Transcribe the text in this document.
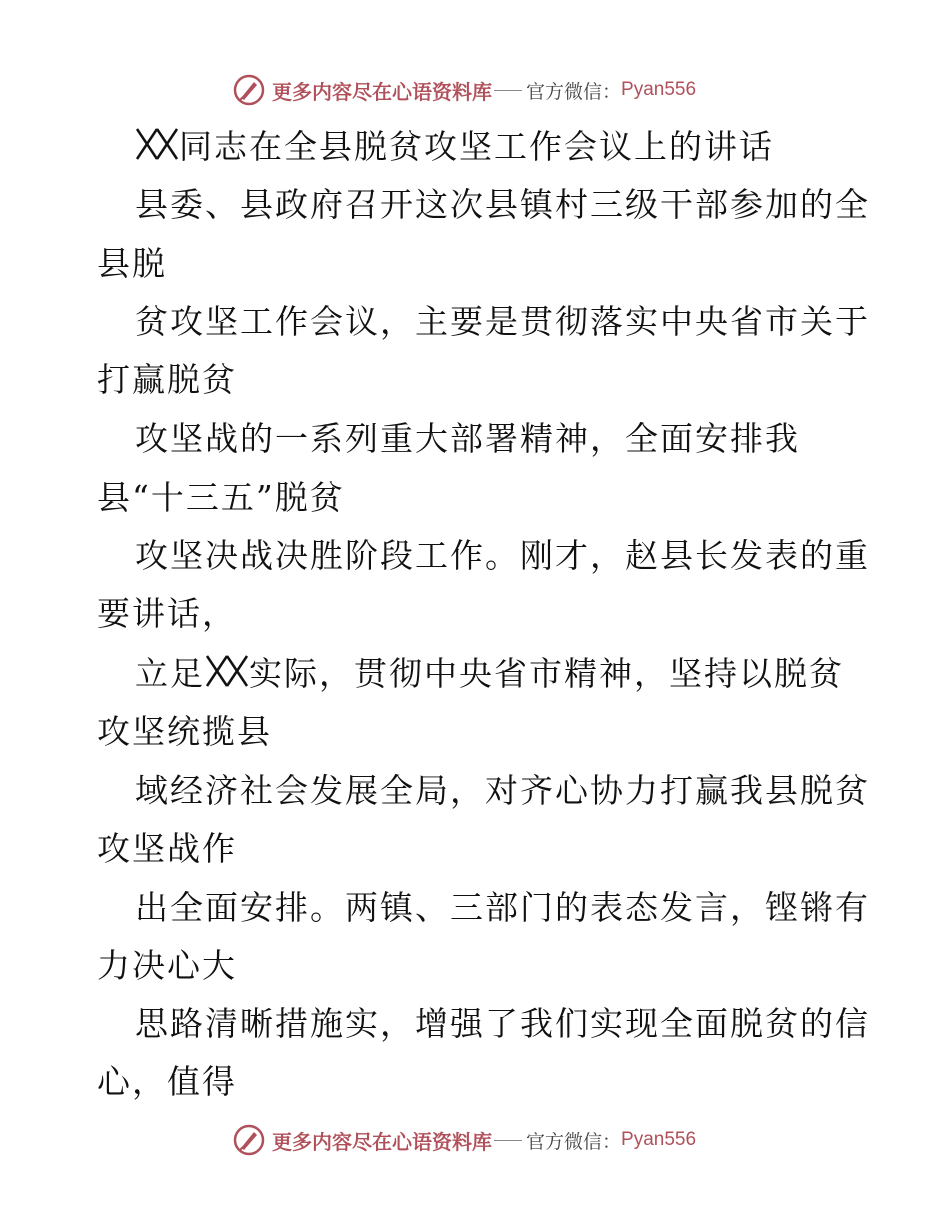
更多内容尽在心语资料库 官方微信： Pyan556
同志在全县脱贫攻坚工作会议上的讲话
县委、县政府召开这次县镇村三级干部参加的全
县脱
贫攻坚工作会议，主要是贯彻落实中央省市关于
打赢脱贫
攻坚战的一系列重大部署精神，全面安排我
县“十三五”脱贫
攻坚决战决胜阶段工作。刚才，赵县长发表的重
要讲话，
立足 实际，贯彻中央省市精神，坚持以脱贫
攻坚统揽县
域经济社会发展全局，对齐心协力打赢我县脱贫
攻坚战作
出全面安排。两镇、三部门的表态发言，铿锵有
力决心大
思路清晰措施实，增强了我们实现全面脱贫的信
心，值得
更多内容尽在心语资料库 官方微信： Pyan556
